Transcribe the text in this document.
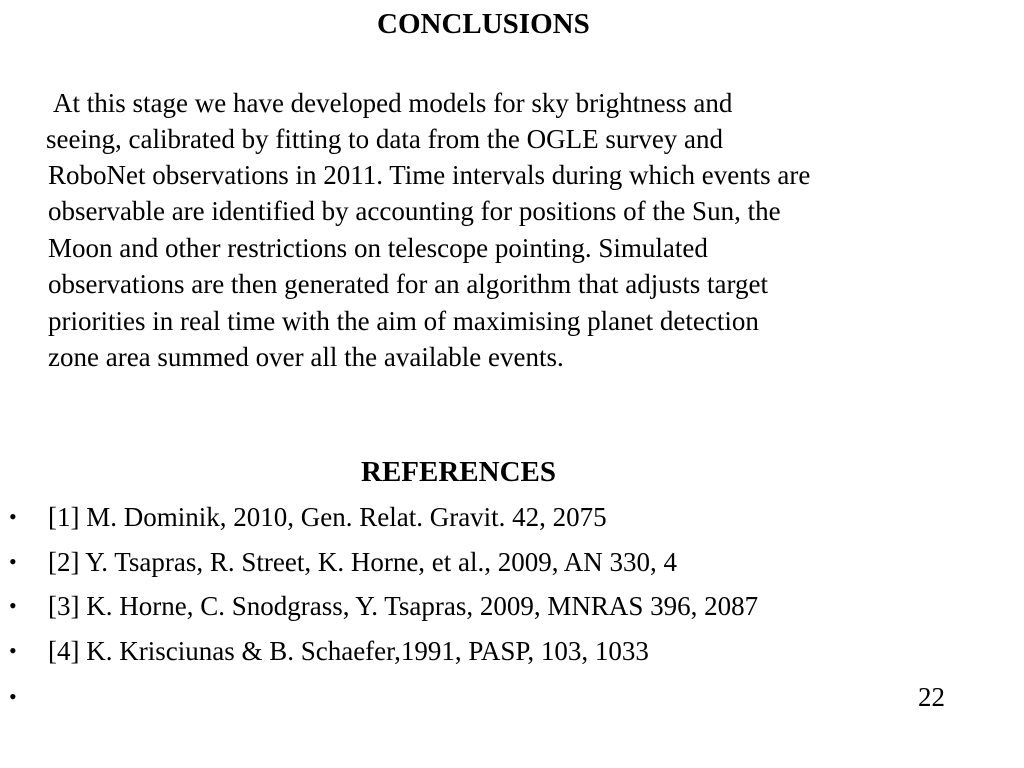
CONCLUSIONS

At this stage we have developed models for sky brightness and

seeing, calibrated by fitting to data from the OGLE survey and

RoboNet observations in 2011. Time intervals during which events are

observable are identified by accounting for positions of the Sun, the

Moon and other restrictions on telescope pointing. Simulated

observations are then generated for an algorithm that adjusts target

priorities in real time with the aim of maximising planet detection

zone area summed over all the available events.

REFERENCES
• [1] M. Dominik, 2010, Gen. Relat. Gravit. 42, 2075
• [2] Y. Tsapras, R. Street, K. Horne, et al., 2009, AN 330, 4
• [3] K. Horne, C. Snodgrass, Y. Tsapras, 2009, MNRAS 396, 2087
• [4] K. Krisciunas & B. Schaefer,1991, PASP, 103, 1033
•	22
